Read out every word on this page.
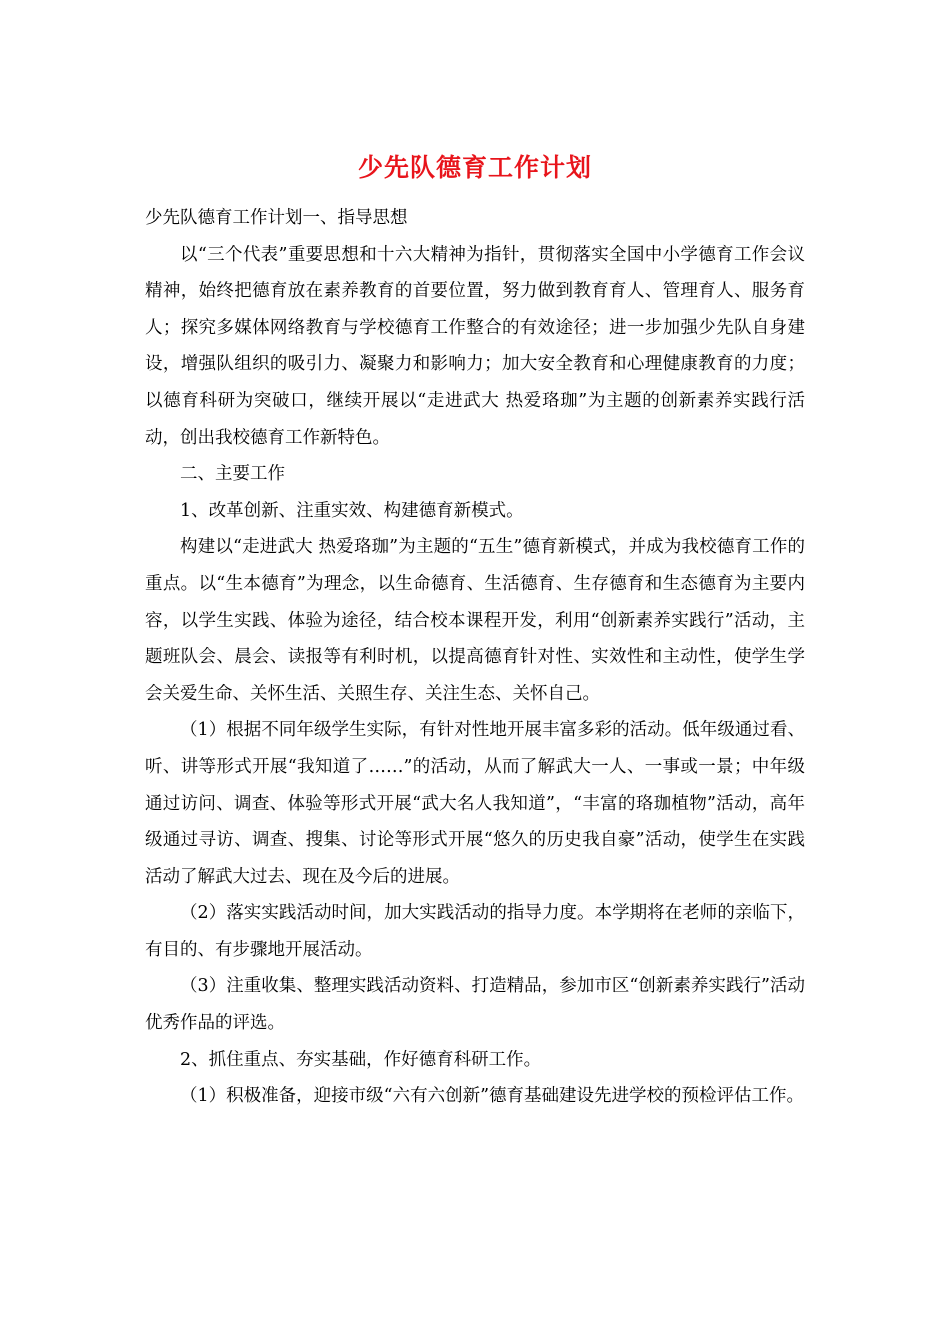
少先队德育工作计划

少先队德育工作计划一、指导思想

以“三个代表”重要思想和十六大精神为指针，贯彻落实全国中小学德育工作会议精神，始终把德育放在素养教育的首要位置，努力做到教育育人、管理育人、服务育人；探究多媒体网络教育与学校德育工作整合的有效途径；进一步加强少先队自身建设，增强队组织的吸引力、凝聚力和影响力；加大安全教育和心理健康教育的力度；以德育科研为突破口，继续开展以“走进武大 热爱珞珈”为主题的创新素养实践行活动，创出我校德育工作新特色。

二、主要工作

1、改革创新、注重实效、构建德育新模式。

构建以“走进武大 热爱珞珈”为主题的“五生”德育新模式，并成为我校德育工作的重点。以“生本德育”为理念，以生命德育、生活德育、生存德育和生态德育为主要内容，以学生实践、体验为途径，结合校本课程开发，利用“创新素养实践行”活动，主题班队会、晨会、读报等有利时机，以提高德育针对性、实效性和主动性，使学生学会关爱生命、关怀生活、关照生存、关注生态、关怀自己。

（1）根据不同年级学生实际，有针对性地开展丰富多彩的活动。低年级通过看、听、讲等形式开展“我知道了……”的活动，从而了解武大一人、一事或一景；中年级通过访问、调查、体验等形式开展“武大名人我知道”，“丰富的珞珈植物”活动，高年级通过寻访、调查、搜集、讨论等形式开展“悠久的历史我自豪”活动，使学生在实践活动了解武大过去、现在及今后的进展。

（2）落实实践活动时间，加大实践活动的指导力度。本学期将在老师的亲临下，有目的、有步骤地开展活动。

（3）注重收集、整理实践活动资料、打造精品，参加市区“创新素养实践行”活动优秀作品的评选。

2、抓住重点、夯实基础，作好德育科研工作。

（1）积极准备，迎接市级“六有六创新”德育基础建设先进学校的预检评估工作。
